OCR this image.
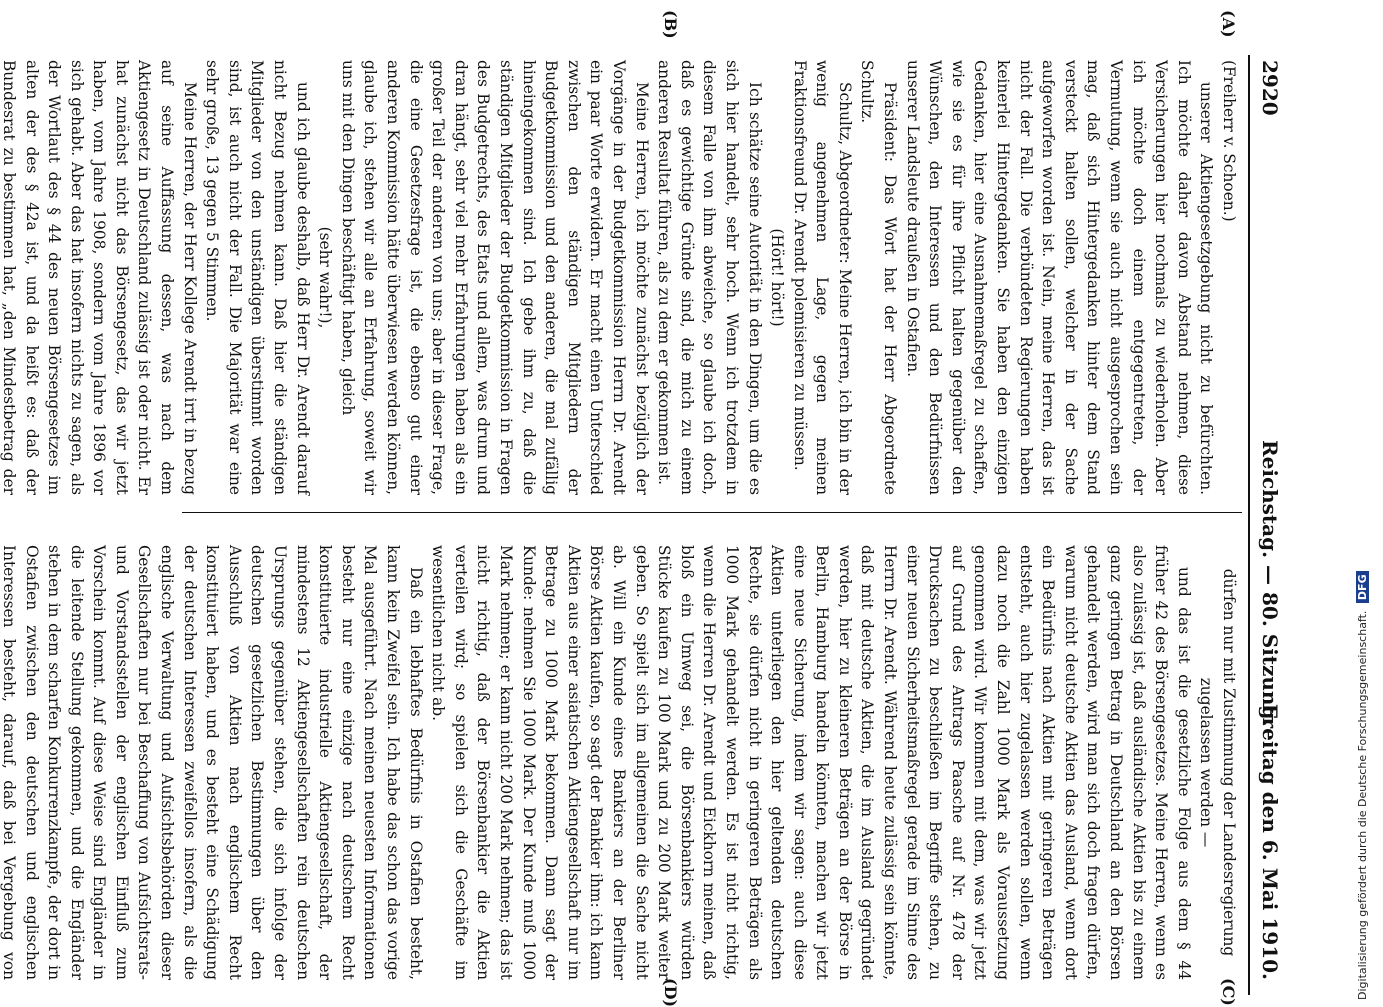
2920
Reichstag. — 80. Sitzung.
Freitag den 6. Mai 1910.
(A)
(B)
(C)
(D)

(Freiherr v. Schoen.)

unserer Aktiengesetzgebung nicht zu befürchten. Ich möchte daher davon Abstand nehmen, diese Versicherungen hier nochmals zu wiederholen. Aber ich möchte doch einem entgegentreten, der Vermutung, wenn sie auch nicht ausgesprochen sein mag, daß sich Hintergedanken hinter dem Stand versteckt halten sollen, welcher in der Sache aufgeworfen worden ist. Nein, meine Herren, das ist nicht der Fall. Die verbündeten Regierungen haben keinerlei Hintergedanken. Sie haben den einzigen Gedanken, hier eine Ausnahmemaßregel zu schaffen, wie sie es für ihre Pflicht halten gegenüber den Wünschen, den Interessen und den Bedürfnissen unserer Landsleute draußen in Ostafien.

Präsident: Das Wort hat der Herr Abgeordnete Schultz.

Schultz, Abgeordneter: Meine Herren, ich bin in der wenig angenehmen Lage, gegen meinen Fraktionsfreund Dr. Arendt polemisieren zu müssen.

(Hört! hört!)

Ich schätze seine Autorität in den Dingen, um die es sich hier handelt, sehr hoch. Wenn ich trotzdem in diesem Falle von ihm abweiche, so glaube ich doch, daß es gewichtige Gründe sind, die mich zu einem anderen Resultat führen, als zu dem er gekommen ist.

Meine Herren, ich möchte zunächst bezüglich der Vorgänge in der Budgetkommission Herrn Dr. Arendt ein paar Worte erwidern. Er macht einen Unterschied zwischen den ständigen Mitgliedern der Budgetkommission und den anderen, die mal zufällig hineingekommen sind. Ich gebe ihm zu, daß die ständigen Mitglieder der Budgetkommission in Fragen des Budgetrechts, des Etats und allem, was drum und dran hängt, sehr viel mehr Erfahrungen haben als ein großer Teil der anderen von uns; aber in dieser Frage, die eine Gesetzesfrage ist, die ebenso gut einer anderen Kommission hätte überwiesen werden können, glaube ich, stehen wir alle an Erfahrung, soweit wir uns mit den Dingen beschäftigt haben, gleich

(sehr wahr!),

und ich glaube deshalb, daß Herr Dr. Arendt darauf nicht Bezug nehmen kann. Daß hier die ständigen Mitglieder von den unständigen überstimmt worden sind, ist auch nicht der Fall. Die Majorität war eine sehr große, 13 gegen 5 Stimmen.

Meine Herren, der Herr Kollege Arendt irrt in bezug auf seine Auffassung dessen, was nach dem Aktiengesetz in Deutschland zulässig ist oder nicht. Er hat zunächst nicht das Börsengesetz, das wir jetzt haben, vom Jahre 1908, sondern vom Jahre 1896 vor sich gehabt. Aber das hat insofern nichts zu sagen, als der Wortlaut des § 44 des neuen Börsengesetzes im alten der des § 42a ist, und da heißt es: daß der Bundesrat zu bestimmen hat, „den Mindestbetrag der

dürfen nur mit Zustimmung der Landesregierung zugelassen werden —

und das ist die gesetzliche Folge aus dem § 44 früher 42 des Börsengesetzes. Meine Herren, wenn es also zulässig ist, daß ausländische Aktien bis zu einem ganz geringen Betrag in Deutschland an den Börsen gehandelt werden, wird man sich doch fragen dürfen, warum nicht deutsche Aktien das Ausland, wenn dort ein Bedürfnis nach Aktien mit geringeren Beträgen entsteht, auch hier zugelassen werden sollen, wenn dazu noch die Zahl 1000 Mark als Voraussetzung genommen wird. Wir kommen mit dem, was wir jetzt auf Grund des Antrags Paasche auf Nr. 478 der Drucksachen zu beschließen im Begriffe stehen, zu einer neuen Sicherheitsmaßregel gerade im Sinne des Herrn Dr. Arendt. Während heute zulässig sein könnte, daß mit deutsche Aktien, die im Ausland gegründet werden, hier zu kleineren Beträgen an der Börse in Berlin, Hamburg handeln könnten, machen wir jetzt eine neue Sicherung, indem wir sagen: auch diese Aktien unterliegen den hier geltenden deutschen Rechte, sie dürfen nicht in geringeren Beträgen als 1000 Mark gehandelt werden. Es ist nicht richtig, wenn die Herren Dr. Arendt und Eickhorn meinen, daß bloß ein Umweg sei, die Börsenbankiers würden Stücke kaufen zu 100 Mark und zu 200 Mark weiter geben. So spielt sich im allgemeinen die Sache nicht ab. Will ein Kunde eines Bankiers an der Berliner Börse Aktien kaufen, so sagt der Bankier ihm: ich kann Aktien aus einer asiatischen Aktiengesellschaft nur im Betrage zu 1000 Mark bekommen. Dann sagt der Kunde: nehmen Sie 1000 Mark. Der Kunde muß 1000 Mark nehmen; er kann nicht 200 Mark nehmen; das ist nicht richtig, daß der Börsenbankier die Aktien verteilen wird; so spielen sich die Geschäfte im wesentlichen nicht ab.

Daß ein lebhaftes Bedürfnis in Ostafien besteht, kann kein Zweifel sein. Ich habe das schon das vorige Mal ausgeführt. Nach meinen neuesten Informationen besteht nur eine einzige nach deutschem Recht konstituierte industrielle Aktiengesellschaft, der mindestens 12 Aktiengesellschaften rein deutschen Ursprungs gegenüber stehen, die sich infolge der deutschen gesetzlichen Bestimmungen über den Ausschluß von Aktien nach englischem Recht konstituiert haben, und es besteht eine Schädigung der deutschen Interessen zweifellos insofern, als die englische Verwaltung und Aufsichtsbehörden dieser Gesellschaften nur bei Beschaffung von Aufsichtsrats- und Vorstandsstellen der englischen Einfluß zum Vorschein kommt. Auf diese Weise sind Engländer in die leitende Stellung gekommen, und die Engländer stehen in dem scharfen Konkurrenzkampfe, der dort in Ostafien zwischen den deutschen und englischen Interessen besteht, darauf, daß bei Vergebung von	Digitalisierung gefördert durch die Deutsche Forschungsgemeinschaft. DFG
